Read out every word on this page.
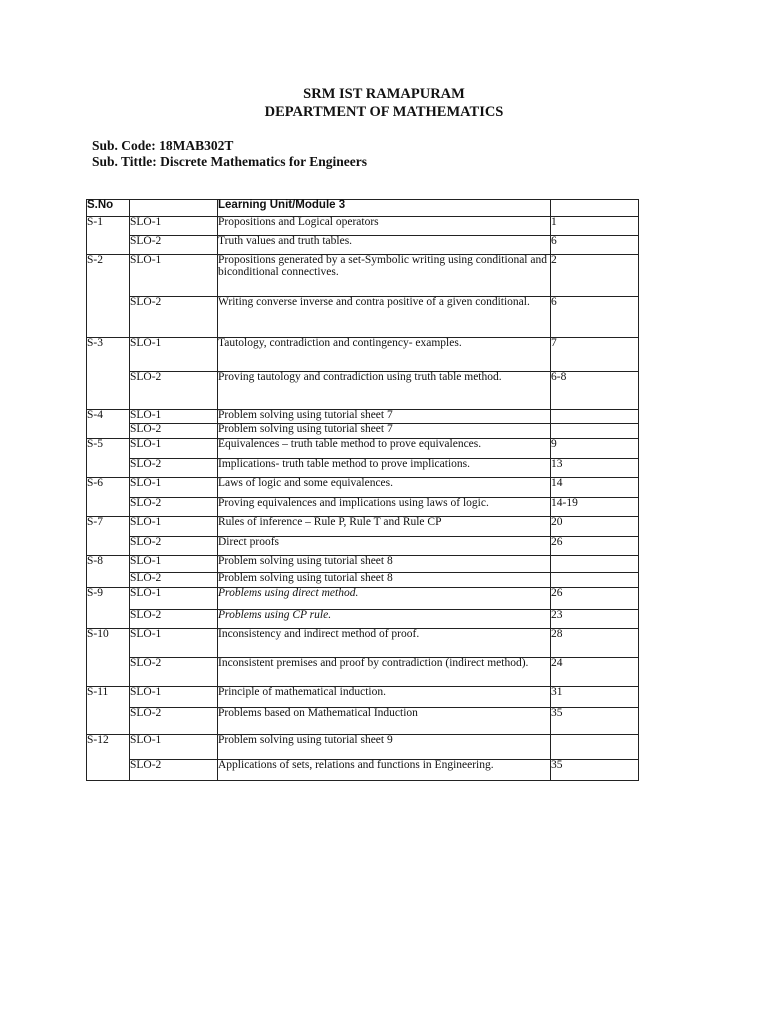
SRM IST RAMAPURAM
DEPARTMENT OF MATHEMATICS
Sub. Code: 18MAB302T
Sub. Tittle: Discrete Mathematics for Engineers
S.No		Learning Unit/Module 3	
S-1	SLO-1	Propositions and Logical operators	1
	SLO-2	Truth values and truth tables.	6
S-2	SLO-1	Propositions generated by a set-Symbolic writing using conditional and biconditional connectives.	2
	SLO-2	Writing converse inverse and contra positive of a given conditional.	6
S-3	SLO-1	Tautology, contradiction and contingency- examples.	7
	SLO-2	Proving tautology and contradiction using truth table method.	6-8
S-4	SLO-1	Problem solving using tutorial sheet 7	
	SLO-2	Problem solving using tutorial sheet 7	
S-5	SLO-1	Equivalences – truth table method to prove equivalences.	9
	SLO-2	Implications- truth table method to prove implications.	13
S-6	SLO-1	Laws of logic and some equivalences.	14
	SLO-2	Proving equivalences and implications using laws of logic.	14-19
S-7	SLO-1	Rules of inference – Rule P, Rule T and Rule CP	20
	SLO-2	Direct proofs	26
S-8	SLO-1	Problem solving using tutorial sheet 8	
	SLO-2	Problem solving using tutorial sheet 8	
S-9	SLO-1	Problems using direct method.	26
	SLO-2	Problems using CP rule.	23
S-10	SLO-1	Inconsistency and indirect method of proof.	28
	SLO-2	Inconsistent premises and proof by contradiction (indirect method).	24
S-11	SLO-1	Principle of mathematical induction.	31
	SLO-2	Problems based on Mathematical Induction	35
S-12	SLO-1	Problem solving using tutorial sheet 9	
	SLO-2	Applications of sets, relations and functions in Engineering.	35
